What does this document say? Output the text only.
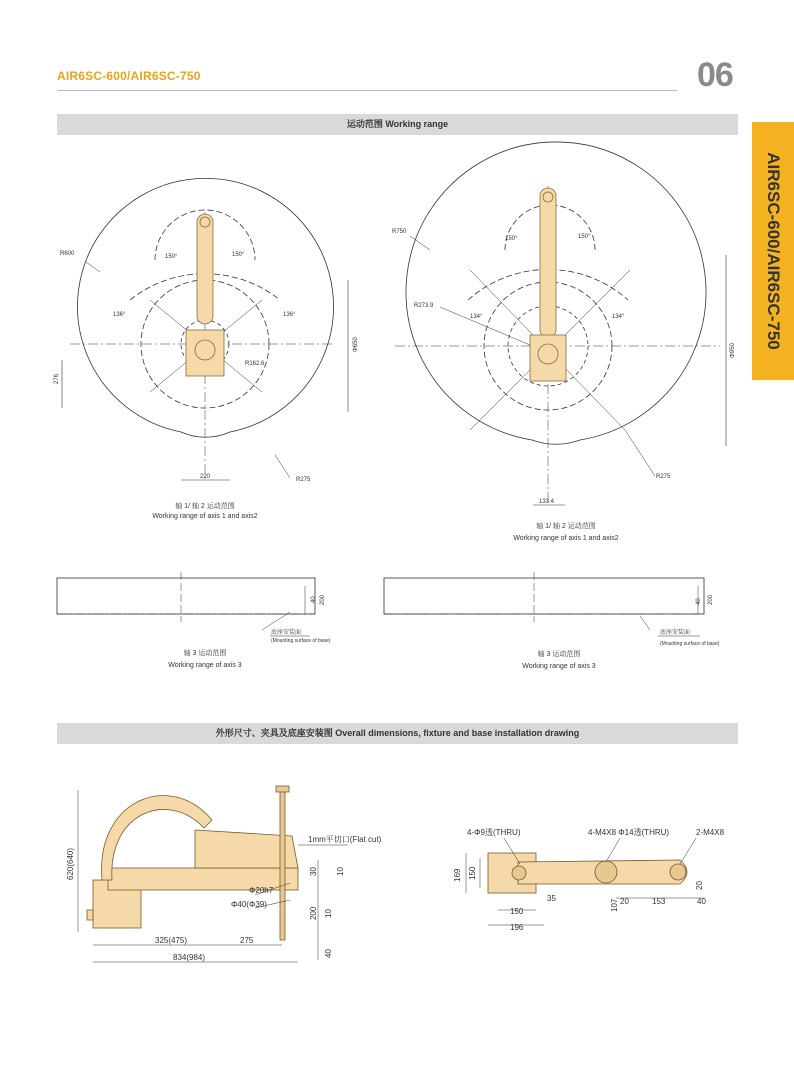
AIR6SC-600/AIR6SC-750	06
AIR6SC-600/AIR6SC-750
运动范围 Working range
外形尺寸、夹具及底座安装图 Overall dimensions, fixture and base installation drawing
R600
R162.6
R275
150°	150°
136°	136°
Φ650
276
220
轴 1/ 轴 2 运动范围
Working range of axis 1 and axis2
R750
R273.9
R275
150°	150°
134°	134°
Φ950
133.4
轴 1/ 轴 2 运动范围
Working range of axis 1 and axis2
40 200
底座安装面
(Mounting surface of base)
轴 3 运动范围
Working range of axis 3
40 200
底座安装面
(Mounting surface of base)
轴 3 运动范围
Working range of axis 3
620(640)
1mm平切口(Flat cut)
Φ20h7
Φ40(Φ39)
30 10
200 10
40
325(475)	275
834(984)
4-Φ9透(THRU)	4-M4X8 Φ14透(THRU)	2-M4X8
169 150
35
150
196
107 20	153	40
20
